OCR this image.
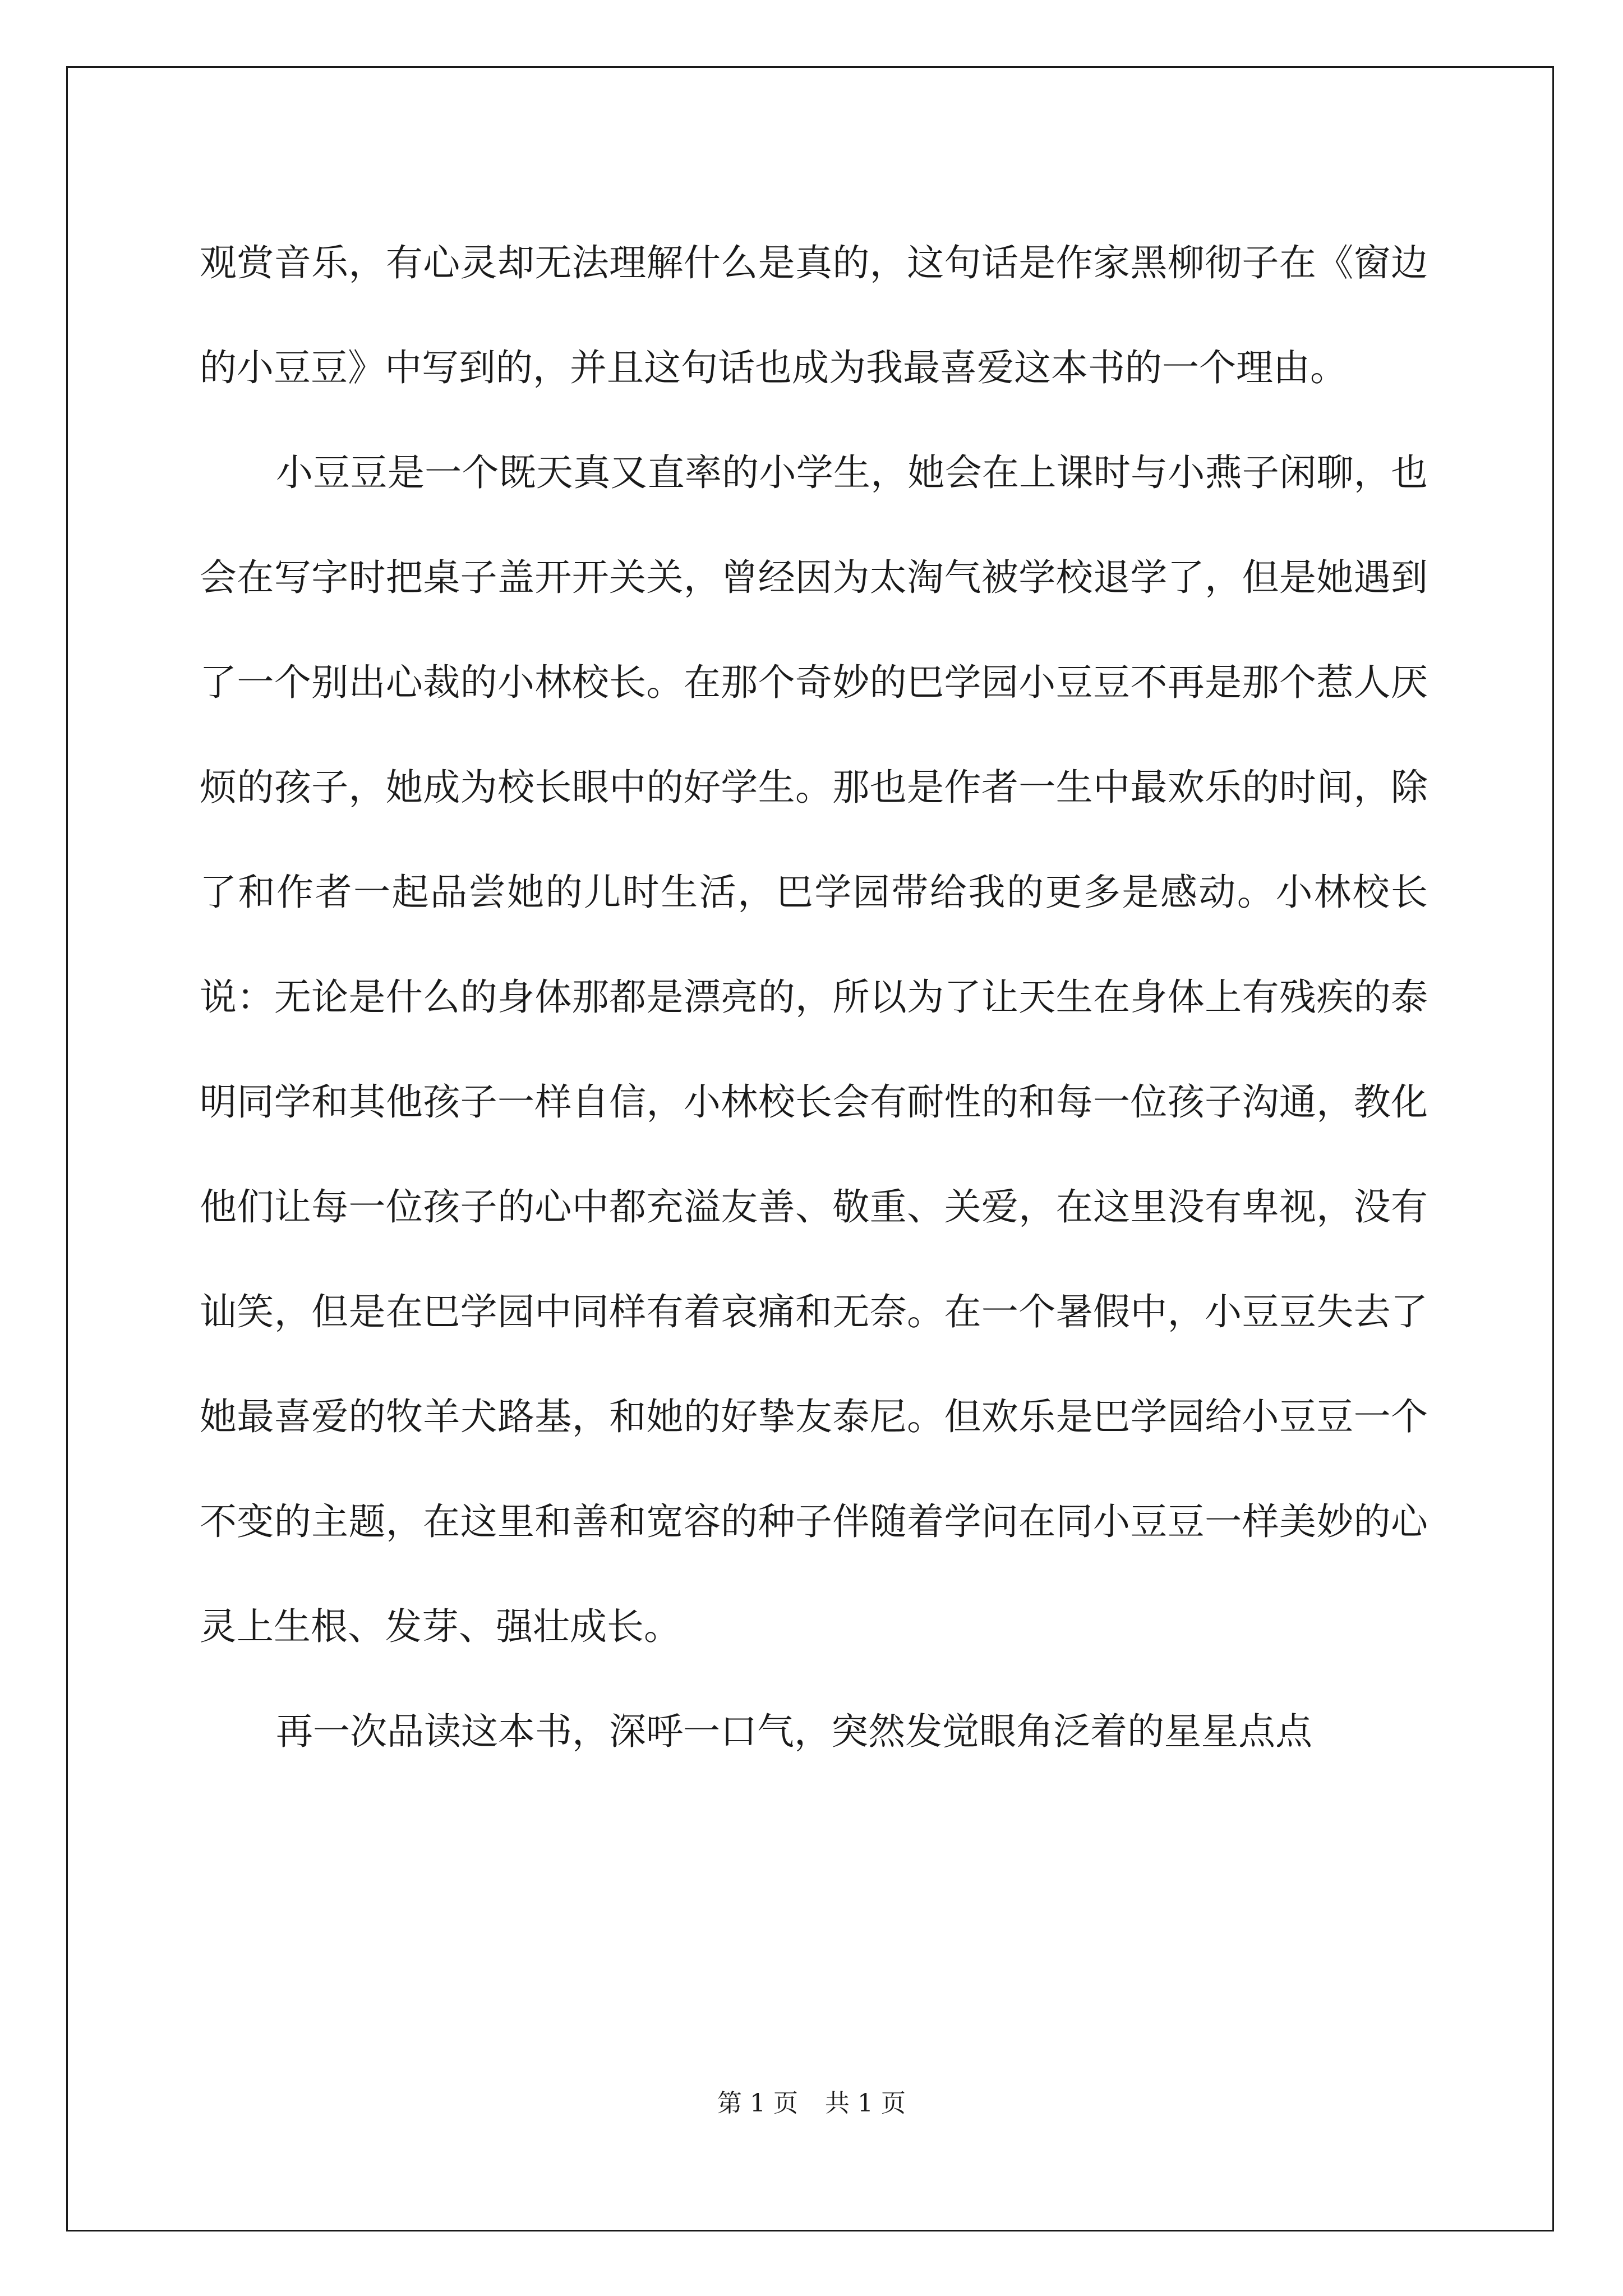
观赏音乐，有心灵却无法理解什么是真的，这句话是作家黑柳彻子在《窗边的小豆豆》中写到的，并且这句话也成为我最喜爱这本书的一个理由。

小豆豆是一个既天真又直率的小学生，她会在上课时与小燕子闲聊，也会在写字时把桌子盖开开关关，曾经因为太淘气被学校退学了，但是她遇到了一个别出心裁的小林校长。在那个奇妙的巴学园小豆豆不再是那个惹人厌烦的孩子，她成为校长眼中的好学生。那也是作者一生中最欢乐的时间，除了和作者一起品尝她的儿时生活，巴学园带给我的更多是感动。小林校长说：无论是什么的身体那都是漂亮的，所以为了让天生在身体上有残疾的泰明同学和其他孩子一样自信，小林校长会有耐性的和每一位孩子沟通，教化他们让每一位孩子的心中都充溢友善、敬重、关爱，在这里没有卑视，没有讪笑，但是在巴学园中同样有着哀痛和无奈。在一个暑假中，小豆豆失去了她最喜爱的牧羊犬路基，和她的好挚友泰尼。但欢乐是巴学园给小豆豆一个不变的主题，在这里和善和宽容的种子伴随着学问在同小豆豆一样美妙的心灵上生根、发芽、强壮成长。

再一次品读这本书，深呼一口气，突然发觉眼角泛着的星星点点

第 1 页 共 1 页
